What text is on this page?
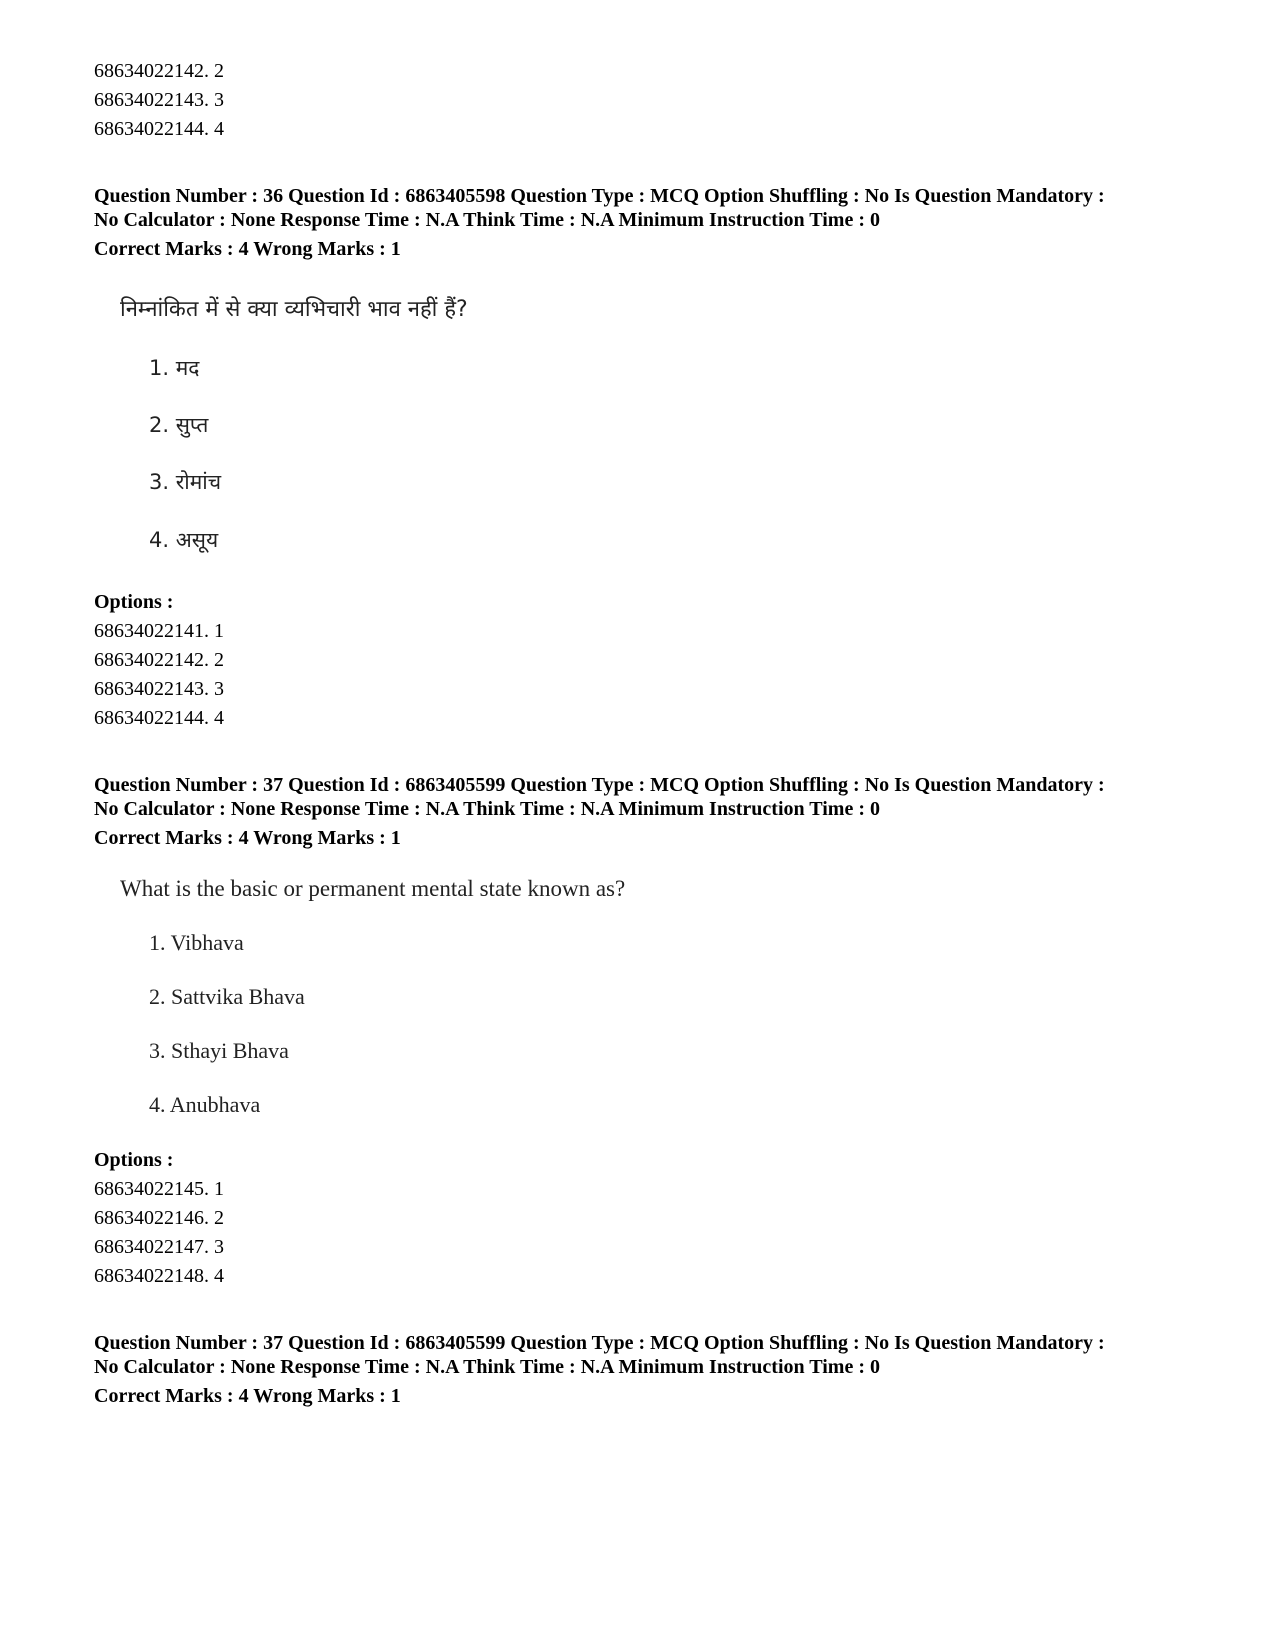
68634022142. 2
68634022143. 3
68634022144. 4
Question Number : 36 Question Id : 6863405598 Question Type : MCQ Option Shuffling : No Is Question Mandatory :
No Calculator : None Response Time : N.A Think Time : N.A Minimum Instruction Time : 0
Correct Marks : 4 Wrong Marks : 1
निम्नांकित में से क्या व्यभिचारी भाव नहीं हैं?
1. मद
2. सुप्त
3. रोमांच
4. असूय
Options :
68634022141. 1
68634022142. 2
68634022143. 3
68634022144. 4
Question Number : 37 Question Id : 6863405599 Question Type : MCQ Option Shuffling : No Is Question Mandatory :
No Calculator : None Response Time : N.A Think Time : N.A Minimum Instruction Time : 0
Correct Marks : 4 Wrong Marks : 1
What is the basic or permanent mental state known as?
1. Vibhava
2. Sattvika Bhava
3. Sthayi Bhava
4. Anubhava
Options :
68634022145. 1
68634022146. 2
68634022147. 3
68634022148. 4
Question Number : 37 Question Id : 6863405599 Question Type : MCQ Option Shuffling : No Is Question Mandatory :
No Calculator : None Response Time : N.A Think Time : N.A Minimum Instruction Time : 0
Correct Marks : 4 Wrong Marks : 1
